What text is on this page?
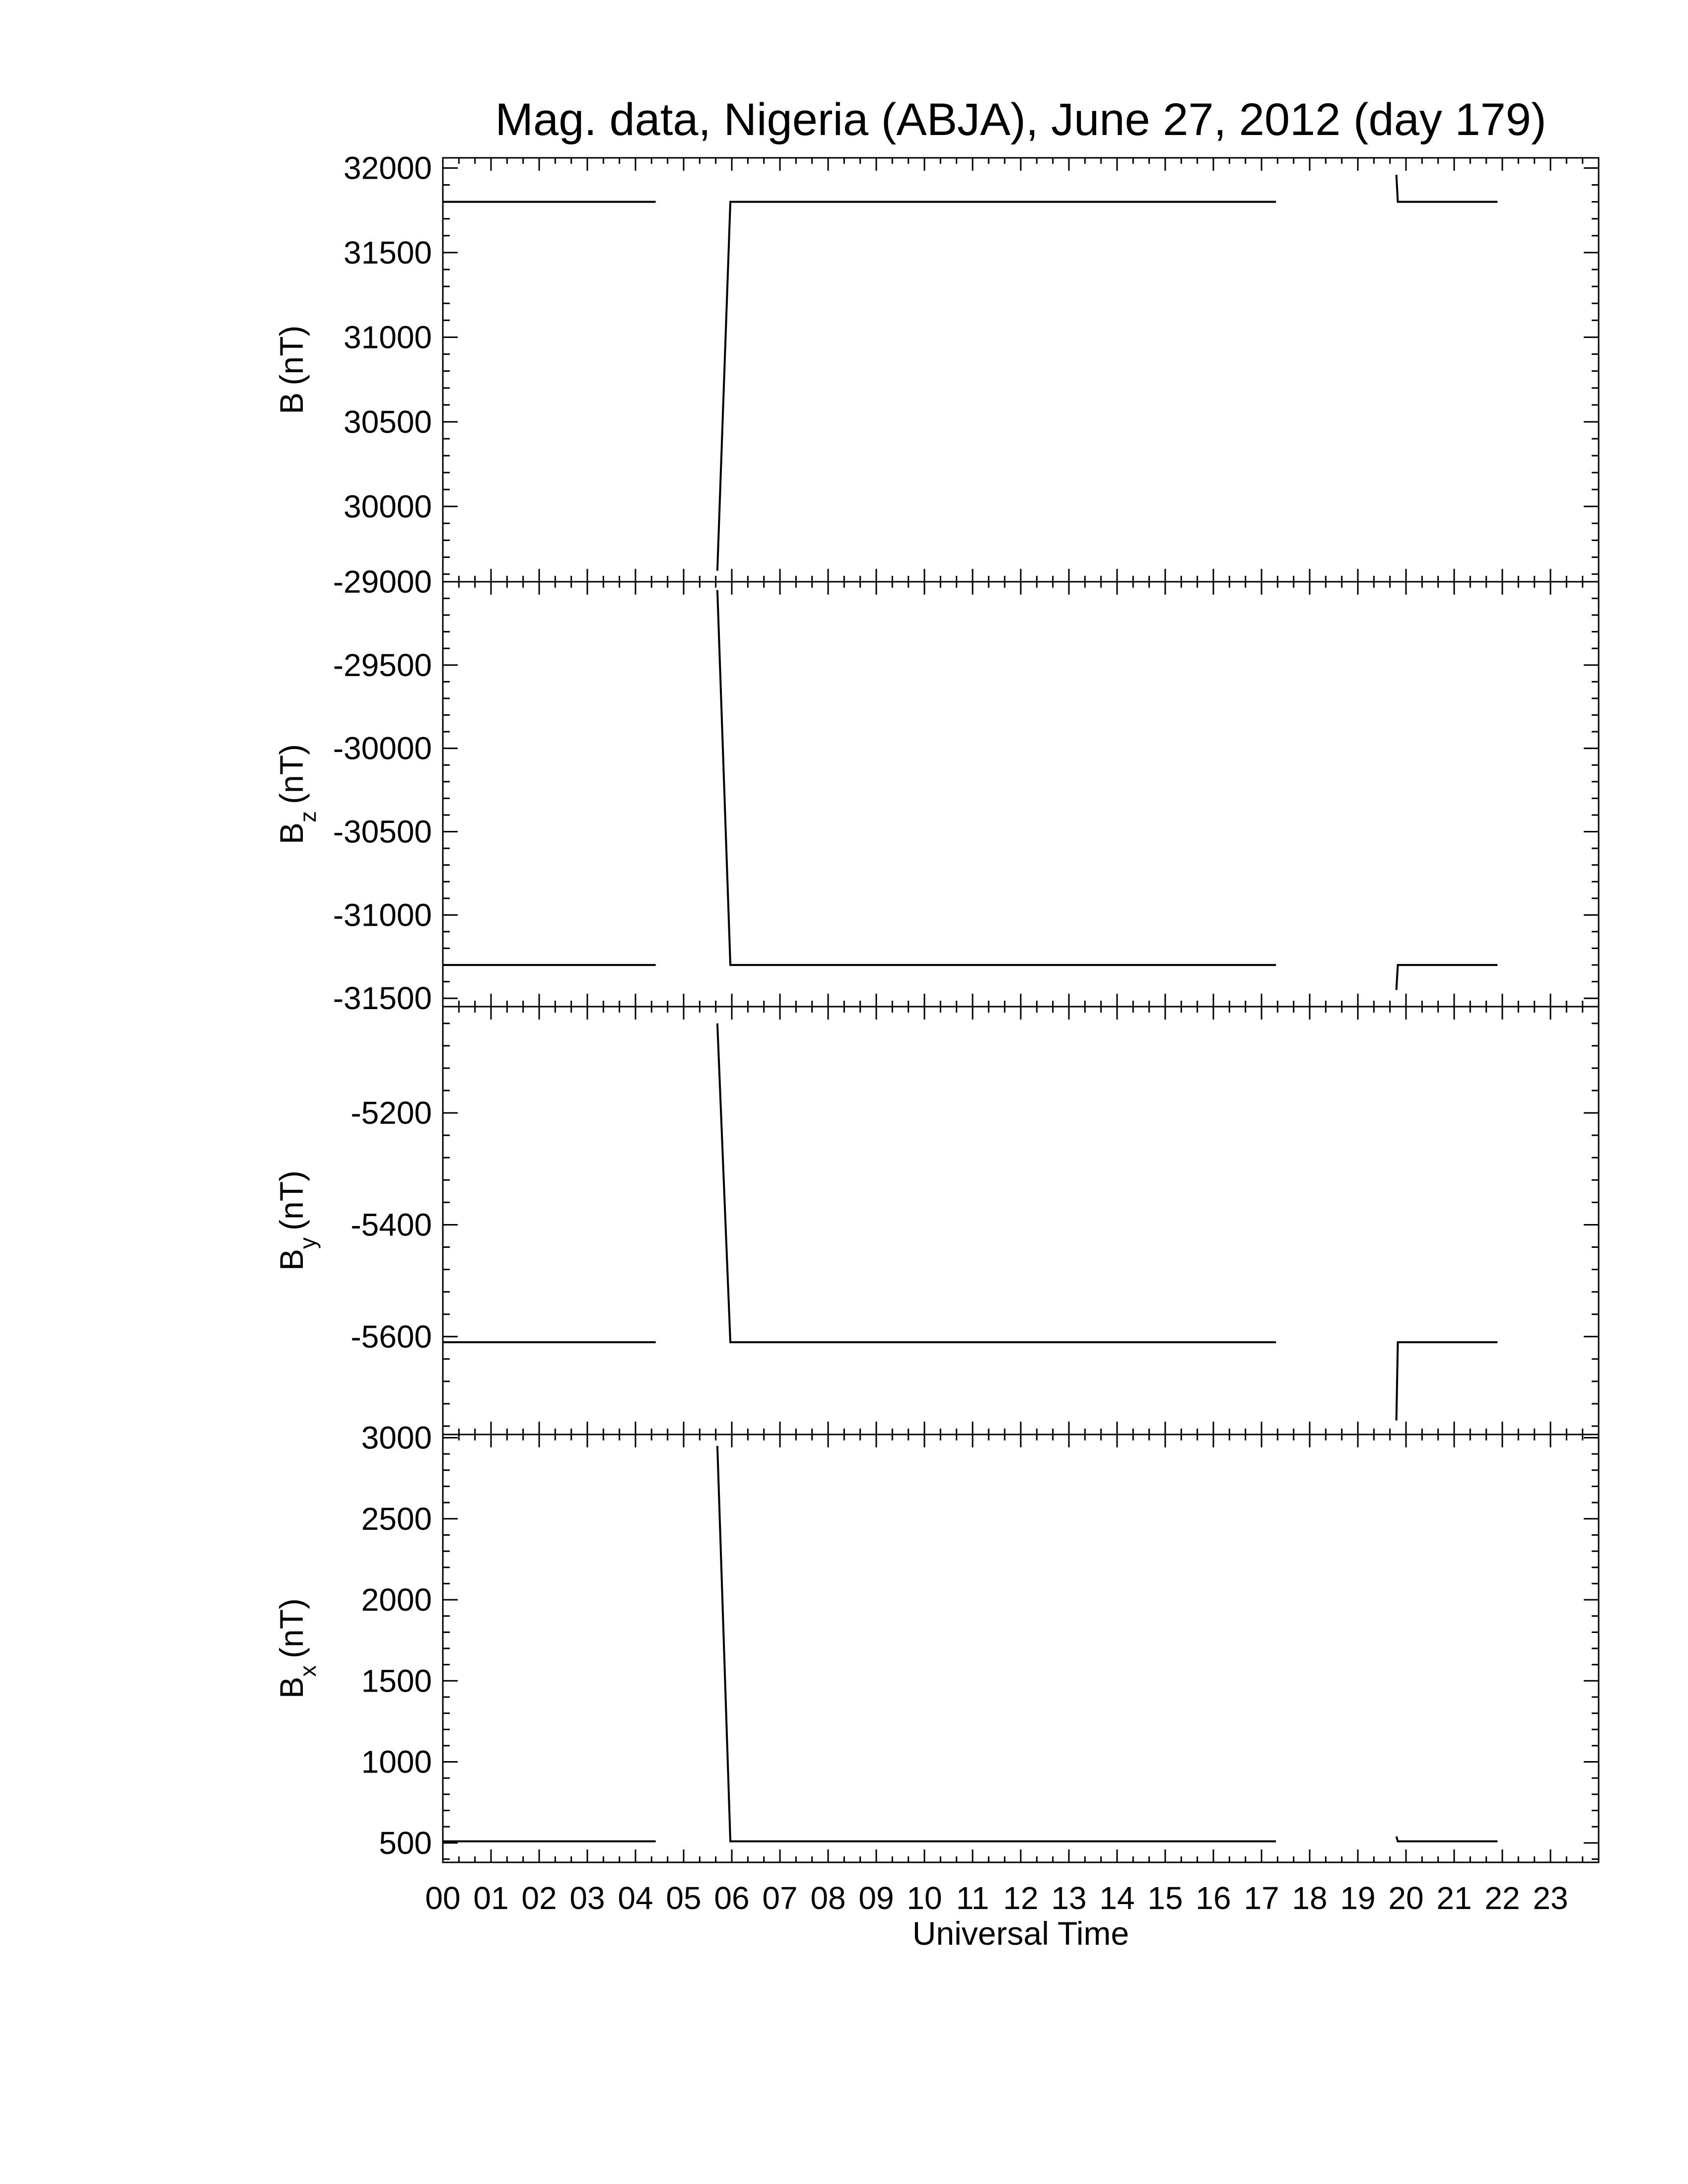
Mag. data, Nigeria (ABJA), June 27, 2012 (day 179)
30000
30500
31000
31500
32000
B(nT)
-29000
-29500
-30000
-30500
-31000
-31500
$B_z(nT)$
-5200
-5400
-5600
$B_y(nT)$
500
1000
1500
2000
2500
3000
$B_x(nT)$
00 01 02 03 04 05 06 07 08 09 10 11 12 13 14 15 16 17 18 19 20 21 22 23
Universal Time
